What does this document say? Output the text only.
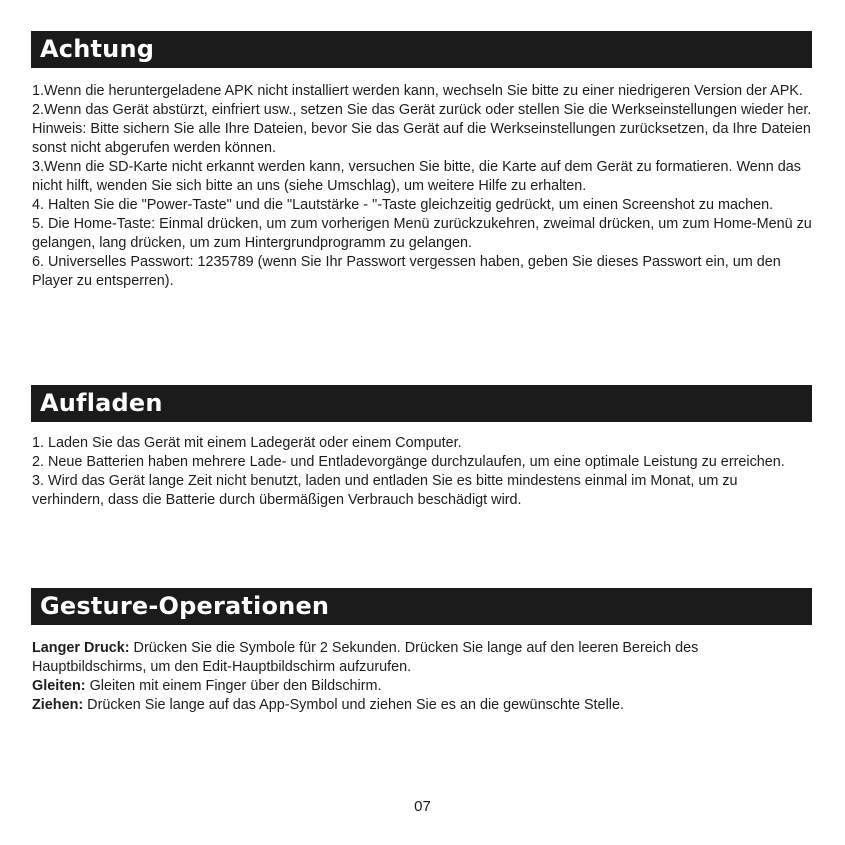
Achtung

1.Wenn die heruntergeladene APK nicht installiert werden kann, wechseln Sie bitte zu einer niedrigeren Version der APK.

2.Wenn das Gerät abstürzt, einfriert usw., setzen Sie das Gerät zurück oder stellen Sie die Werkseinstellungen wieder her. Hinweis: Bitte sichern Sie alle Ihre Dateien, bevor Sie das Gerät auf die Werkseinstellungen zurücksetzen, da Ihre Dateien sonst nicht abgerufen werden können.

3.Wenn die SD-Karte nicht erkannt werden kann, versuchen Sie bitte, die Karte auf dem Gerät zu formatieren. Wenn das nicht hilft, wenden Sie sich bitte an uns (siehe Umschlag), um weitere Hilfe zu erhalten.

4. Halten Sie die "Power-Taste" und die "Lautstärke - "-Taste gleichzeitig gedrückt, um einen Screenshot zu machen.

5. Die Home-Taste: Einmal drücken, um zum vorherigen Menü zurückzukehren, zweimal drücken, um zum Home-Menü zu gelangen, lang drücken, um zum Hintergrundprogramm zu gelangen.

6. Universelles Passwort: 1235789 (wenn Sie Ihr Passwort vergessen haben, geben Sie dieses Passwort ein, um den Player zu entsperren).

Aufladen

1. Laden Sie das Gerät mit einem Ladegerät oder einem Computer.

2. Neue Batterien haben mehrere Lade- und Entladevorgänge durchzulaufen, um eine optimale Leistung zu erreichen.

3. Wird das Gerät lange Zeit nicht benutzt, laden und entladen Sie es bitte mindestens einmal im Monat, um zu verhindern, dass die Batterie durch übermäßigen Verbrauch beschädigt wird.

Gesture-Operationen

Langer Druck: Drücken Sie die Symbole für 2 Sekunden. Drücken Sie lange auf den leeren Bereich des Hauptbildschirms, um den Edit-Hauptbildschirm aufzurufen.

Gleiten: Gleiten mit einem Finger über den Bildschirm.

Ziehen: Drücken Sie lange auf das App-Symbol und ziehen Sie es an die gewünschte Stelle.

07
